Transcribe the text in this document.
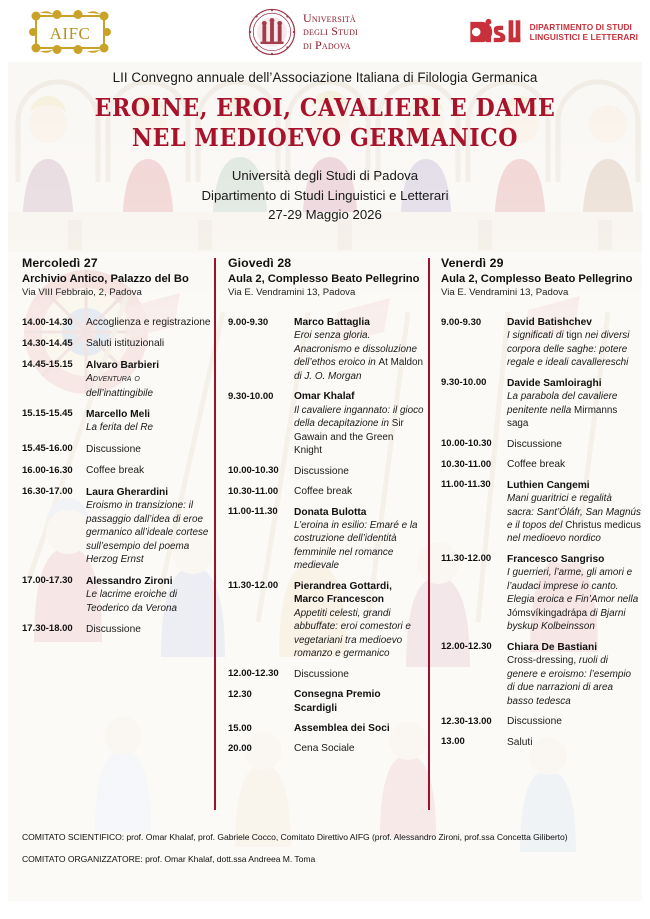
AIFC
Università
degli Studi
di Padova
DIPARTIMENTO DI STUDI
LINGUISTICI E LETTERARI
LII Convegno annuale dell’Associazione Italiana di Filologia Germanica
EROINE, EROI, CAVALIERI E DAME
NEL MEDIOEVO GERMANICO
Università degli Studi di Padova
Dipartimento di Studi Linguistici e Letterari
27-29 Maggio 2026
Mercoledì 27
Archivio Antico, Palazzo del Bo
Via VIII Febbraio, 2, Padova
14.00-14.30	Accoglienza e registrazione
14.30-14.45	Saluti istituzionali
14.45-15.15	Alvaro Barbieri
Adventura o
dell’inattingibile
15.15-15.45	Marcello Meli
La ferita del Re
15.45-16.00	Discussione
16.00-16.30	Coffee break
16.30-17.00	Laura Gherardini
Eroismo in transizione: il passaggio dall’idea di eroe germanico all’ideale cortese sull’esempio del poema Herzog Ernst
17.00-17.30	Alessandro Zironi
Le lacrime eroiche di Teoderico da Verona
17.30-18.00	Discussione
Giovedì 28
Aula 2, Complesso Beato Pellegrino
Via E. Vendramini 13, Padova
9.00-9.30	Marco Battaglia
Eroi senza gloria. Anacronismo e dissoluzione dell’ethos eroico in At Maldon di J. O. Morgan
9.30-10.00	Omar Khalaf
Il cavaliere ingannato: il gioco della decapitazione in Sir Gawain and the Green Knight
10.00-10.30	Discussione
10.30-11.00	Coffee break
11.00-11.30	Donata Bulotta
L’eroina in esilio: Emaré e la costruzione dell’identità femminile nel romance medievale
11.30-12.00	Pierandrea Gottardi, Marco Francescon
Appetiti celesti, grandi abbuffate: eroi comestori e vegetariani tra medioevo romanzo e germanico
12.00-12.30	Discussione
12.30	Consegna Premio Scardigli
15.00	Assemblea dei Soci
20.00	Cena Sociale
Venerdì 29
Aula 2, Complesso Beato Pellegrino
Via E. Vendramini 13, Padova
9.00-9.30	David Batishchev
I significati di tign nei diversi corpora delle saghe: potere regale e ideali cavallereschi
9.30-10.00	Davide Samloiraghi
La parabola del cavaliere penitente nella Mirmanns saga
10.00-10.30	Discussione
10.30-11.00	Coffee break
11.00-11.30	Luthien Cangemi
Mani guaritrici e regalità sacra: Sant’Óláfr, San Magnús e il topos del Christus medicus nel medioevo nordico
11.30-12.00	Francesco Sangriso
I guerrieri, l’arme, gli amori e l’audaci imprese io canto. Elegia eroica e Fin’Amor nella Jómsvíkingadrápa di Bjarni byskup Kolbeinsson
12.00-12.30	Chiara De Bastiani
Cross-dressing, ruoli di genere e eroismo: l’esempio di due narrazioni di area basso tedesca
12.30-13.00	Discussione
13.00	Saluti
COMITATO SCIENTIFICO: prof. Omar Khalaf, prof. Gabriele Cocco, Comitato Direttivo AIFG (prof. Alessandro Zironi, prof.ssa Concetta Giliberto)
COMITATO ORGANIZZATORE: prof. Omar Khalaf, dott.ssa Andreea M. Toma
